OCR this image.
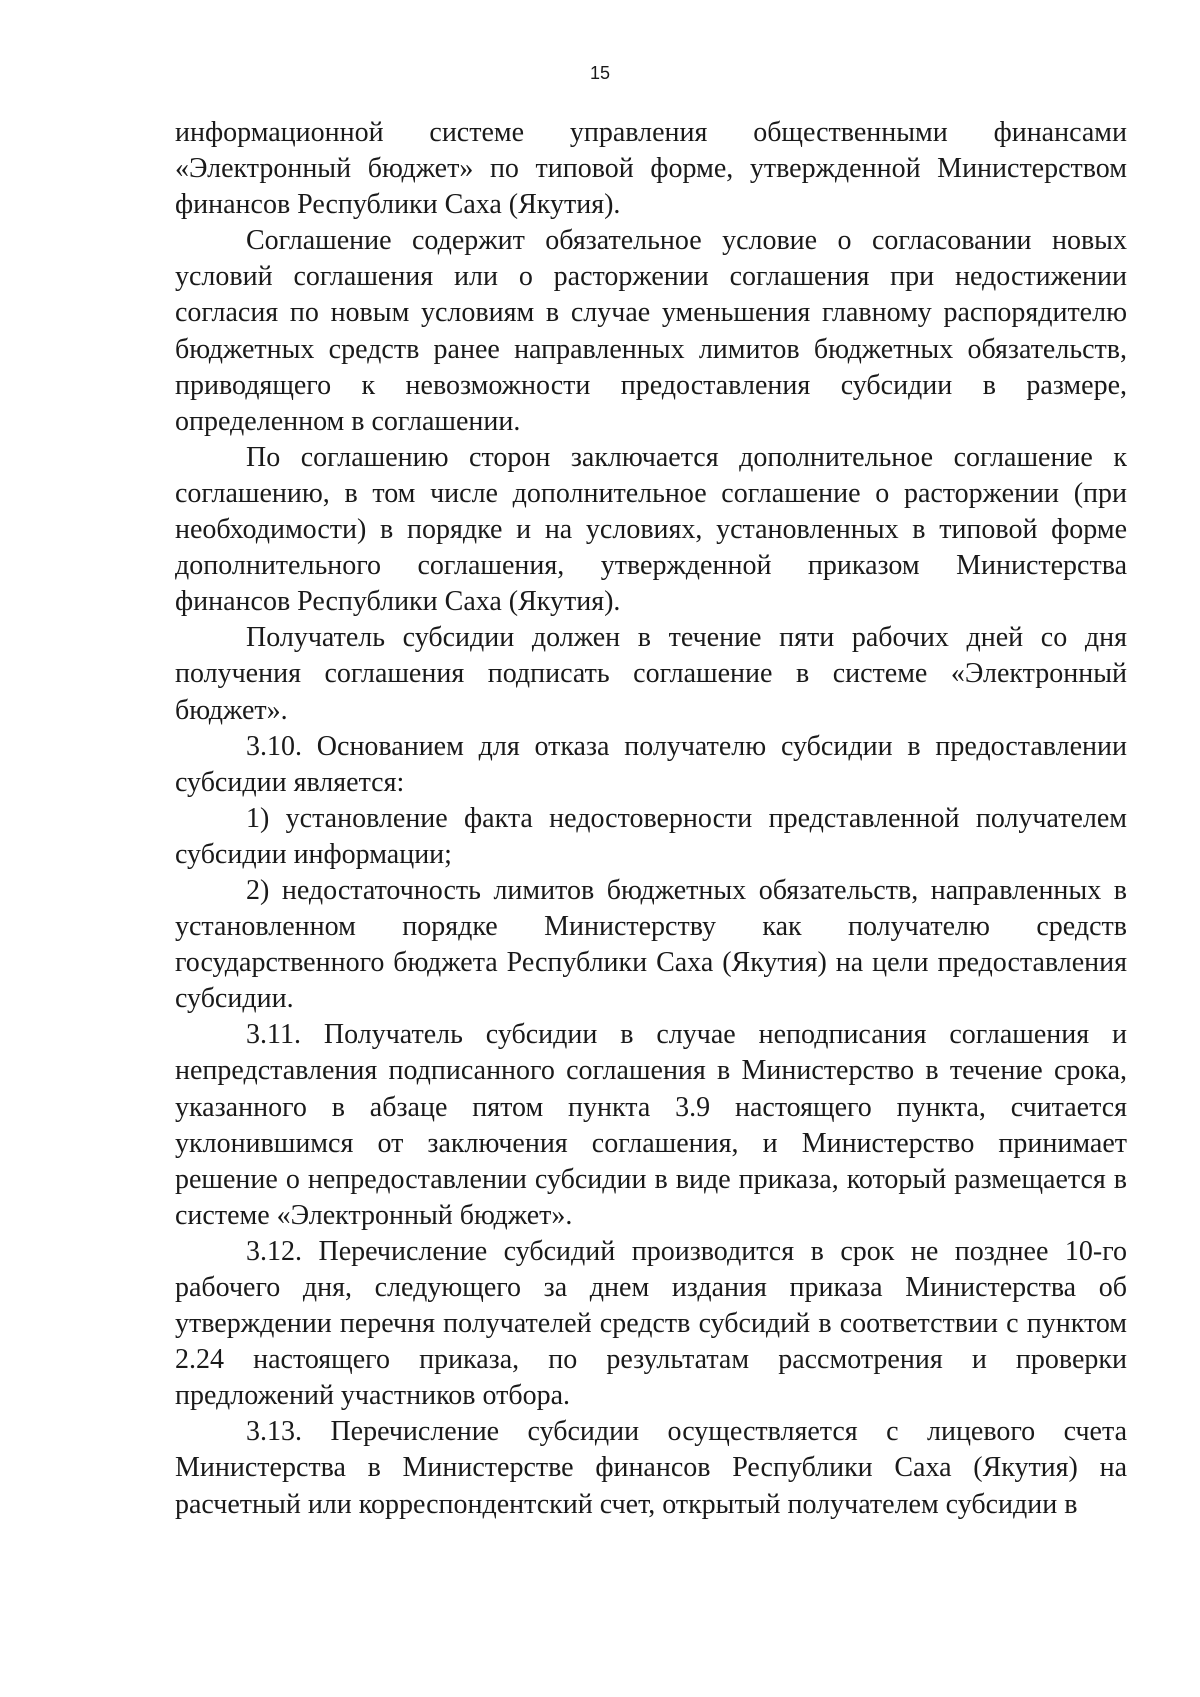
15

информационной системе управления общественными финансами «Электронный бюджет» по типовой форме, утвержденной Министерством финансов Республики Саха (Якутия).

Соглашение содержит обязательное условие о согласовании новых условий соглашения или о расторжении соглашения при недостижении согласия по новым условиям в случае уменьшения главному распорядителю бюджетных средств ранее направленных лимитов бюджетных обязательств, приводящего к невозможности предоставления субсидии в размере, определенном в соглашении.

По соглашению сторон заключается дополнительное соглашение к соглашению, в том числе дополнительное соглашение о расторжении (при необходимости) в порядке и на условиях, установленных в типовой форме дополнительного соглашения, утвержденной приказом Министерства финансов Республики Саха (Якутия).

Получатель субсидии должен в течение пяти рабочих дней со дня получения соглашения подписать соглашение в системе «Электронный бюджет».

3.10. Основанием для отказа получателю субсидии в предоставлении субсидии является:

1) установление факта недостоверности представленной получателем субсидии информации;

2) недостаточность лимитов бюджетных обязательств, направленных в установленном порядке Министерству как получателю средств государственного бюджета Республики Саха (Якутия) на цели предоставления субсидии.

3.11. Получатель субсидии в случае неподписания соглашения и непредставления подписанного соглашения в Министерство в течение срока, указанного в абзаце пятом пункта 3.9 настоящего пункта, считается уклонившимся от заключения соглашения, и Министерство принимает решение о непредоставлении субсидии в виде приказа, который размещается в системе «Электронный бюджет».

3.12. Перечисление субсидий производится в срок не позднее 10-го рабочего дня, следующего за днем издания приказа Министерства об утверждении перечня получателей средств субсидий в соответствии с пунктом 2.24 настоящего приказа, по результатам рассмотрения и проверки предложений участников отбора.

3.13. Перечисление субсидии осуществляется с лицевого счета Министерства в Министерстве финансов Республики Саха (Якутия) на расчетный или корреспондентский счет, открытый получателем субсидии в
